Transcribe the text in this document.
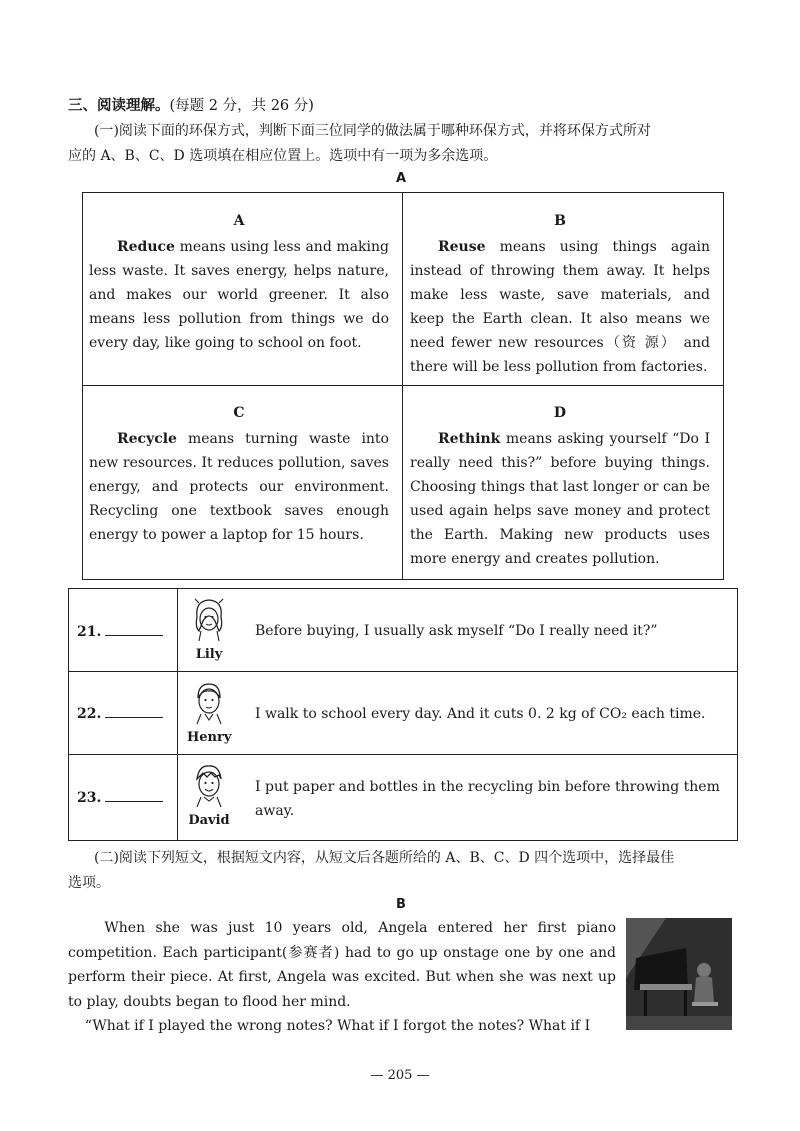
三、阅读理解。(每题 2 分，共 26 分)
(一)阅读下面的环保方式，判断下面三位同学的做法属于哪种环保方式，并将环保方式所对
应的 A、B、C、D 选项填在相应位置上。选项中有一项为多余选项。
A
A
Reduce means using less and making less waste. It saves energy, helps nature, and makes our world greener. It also means less pollution from things we do every day, like going to school on foot.
B
Reuse means using things again instead of throwing them away. It helps make less waste, save materials, and keep the Earth clean. It also means we need fewer new resources（资 源） and there will be less pollution from factories.
C
Recycle means turning waste into new resources. It reduces pollution, saves energy, and protects our environment. Recycling one textbook saves enough energy to power a laptop for 15 hours.
D
Rethink means asking yourself “Do I really need this?” before buying things. Choosing things that last longer or can be used again helps save money and protect the Earth. Making new products uses more energy and creates pollution.
21.
Lily
Before buying, I usually ask myself “Do I really need it?”
22.
Henry
I walk to school every day. And it cuts 0. 2 kg of CO₂ each time.
23.
David
I put paper and bottles in the recycling bin before throwing them away.
(二)阅读下列短文，根据短文内容，从短文后各题所给的 A、B、C、D 四个选项中，选择最佳
选项。
B
When she was just 10 years old, Angela entered her first piano competition. Each participant(参赛者) had to go up onstage one by one and perform their piece. At first, Angela was excited. But when she was next up to play, doubts began to flood her mind.
“What if I played the wrong notes? What if I forgot the notes? What if I
— 205 —
